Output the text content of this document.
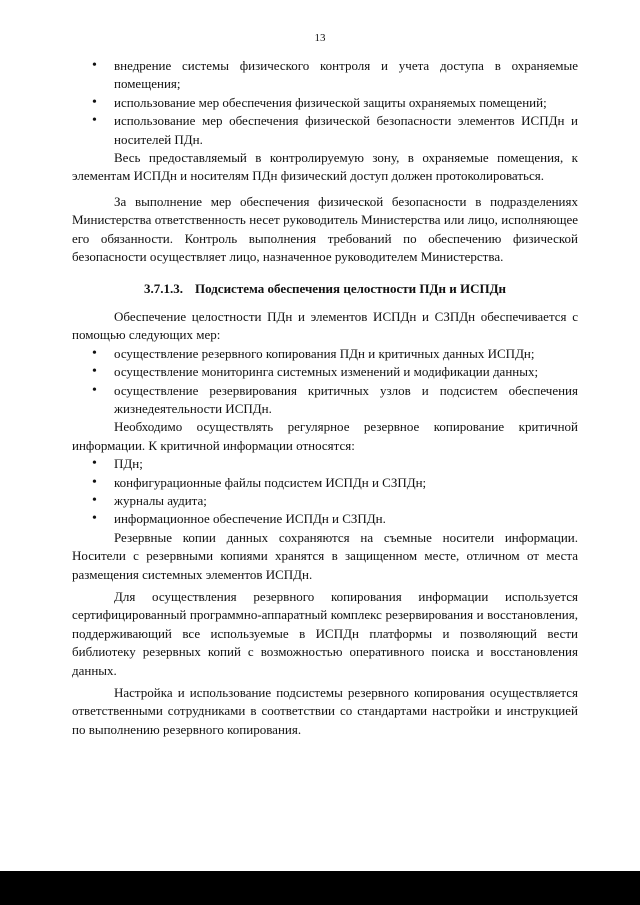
13
• внедрение системы физического контроля и учета доступа в охраняемые помещения;
• использование мер обеспечения физической защиты охраняемых помещений;
• использование мер обеспечения физической безопасности элементов ИСПДн и носителей ПДн.

Весь предоставляемый в контролируемую зону, в охраняемые помещения, к элементам ИСПДн и носителям ПДн физический доступ должен протоколироваться.

За выполнение мер обеспечения физической безопасности в подразделениях Министерства ответственность несет руководитель Министерства или лицо, исполняющее его обязанности. Контроль выполнения требований по обеспечению физической безопасности осуществляет лицо, назначенное руководителем Министерства.

3.7.1.3. Подсистема обеспечения целостности ПДн и ИСПДн

Обеспечение целостности ПДн и элементов ИСПДн и СЗПДн обеспечивается с помощью следующих мер:

• осуществление резервного копирования ПДн и критичных данных ИСПДн;
• осуществление мониторинга системных изменений и модификации данных;
• осуществление резервирования критичных узлов и подсистем обеспечения жизнедеятельности ИСПДн.

Необходимо осуществлять регулярное резервное копирование критичной информации. К критичной информации относятся:

• ПДн;
• конфигурационные файлы подсистем ИСПДн и СЗПДн;
• журналы аудита;
• информационное обеспечение ИСПДн и СЗПДн.

Резервные копии данных сохраняются на съемные носители информации. Носители с резервными копиями хранятся в защищенном месте, отличном от места размещения системных элементов ИСПДн.

Для осуществления резервного копирования информации используется сертифицированный программно-аппаратный комплекс резервирования и восстановления, поддерживающий все используемые в ИСПДн платформы и позволяющий вести библиотеку резервных копий с возможностью оперативного поиска и восстановления данных.

Настройка и использование подсистемы резервного копирования осуществляется ответственными сотрудниками в соответствии со стандартами настройки и инструкцией по выполнению резервного копирования.
